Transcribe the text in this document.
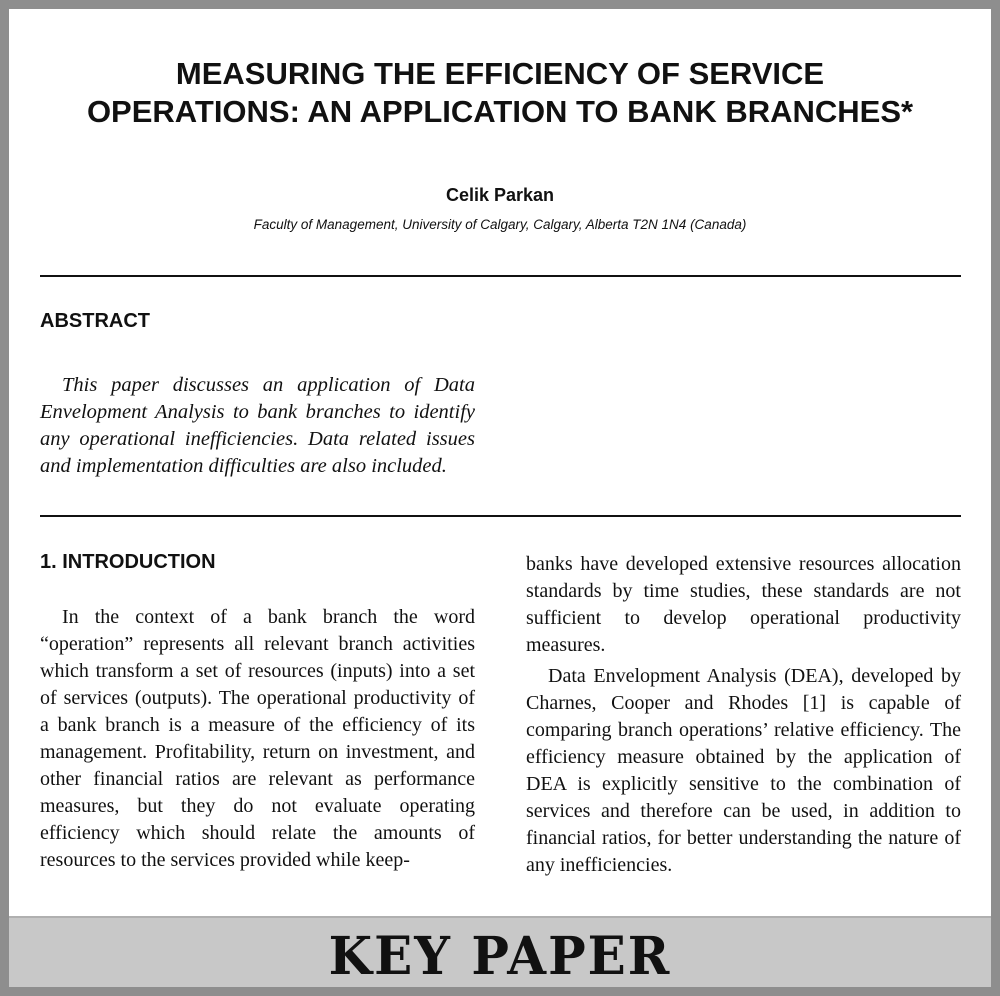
MEASURING THE EFFICIENCY OF SERVICE
OPERATIONS: AN APPLICATION TO BANK BRANCHES*
Celik Parkan
Faculty of Management, University of Calgary, Calgary, Alberta T2N 1N4 (Canada)
ABSTRACT

This paper discusses an application of Data Envelopment Analysis to bank branches to identify any operational inefficiencies. Data related issues and implementation difficulties are also included.

1. INTRODUCTION

In the context of a bank branch the word “operation” represents all relevant branch activities which transform a set of resources (inputs) into a set of services (outputs). The operational productivity of a bank branch is a measure of the efficiency of its management. Profitability, return on investment, and other financial ratios are relevant as performance measures, but they do not evaluate operating efficiency which should relate the amounts of resources to the services provided while keep-

banks have developed extensive resources allocation standards by time studies, these standards are not sufficient to develop operational productivity measures.

Data Envelopment Analysis (DEA), developed by Charnes, Cooper and Rhodes [1] is capable of comparing branch operations’ relative efficiency. The efficiency measure obtained by the application of DEA is explicitly sensitive to the combination of services and therefore can be used, in addition to financial ratios, for better understanding the nature of any inefficiencies.

KEY PAPER
